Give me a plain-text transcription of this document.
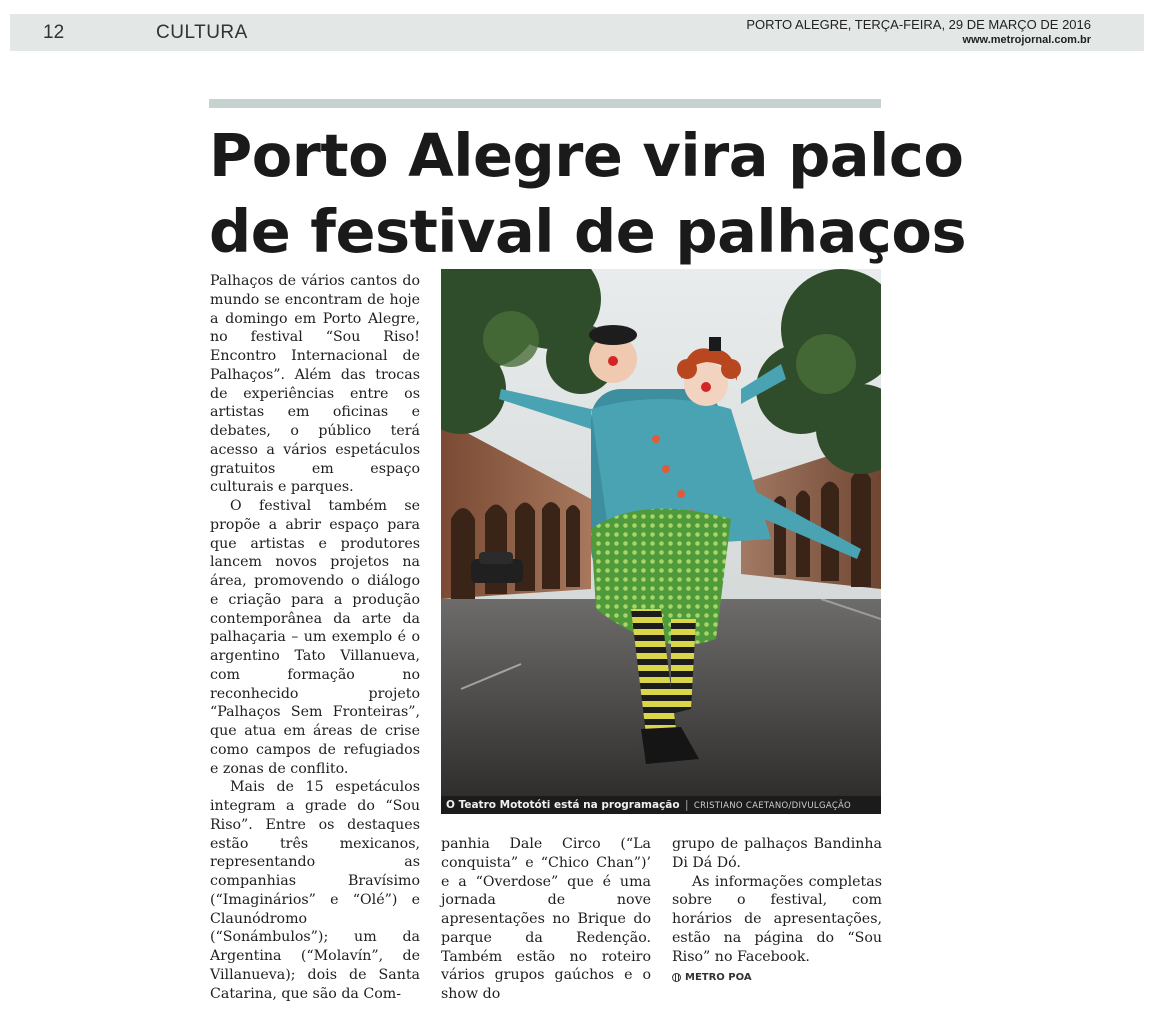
12	CULTURA	PORTO ALEGRE, TERÇA-FEIRA, 29 DE MARÇO DE 2016
www.metrojornal.com.br
Porto Alegre vira palco
de festival de palhaços

Palhaços de vários cantos do mundo se encontram de hoje a domingo em Porto Alegre, no festival “Sou Riso! Encontro Internacional de Palhaços”. Além das trocas de experiências entre os artistas em oficinas e debates, o público terá acesso a vários espetáculos gratuitos em espaço culturais e parques.

O festival também se propõe a abrir espaço para que artistas e produtores lancem novos projetos na área, promovendo o diálogo e criação para a produção contemporânea da arte da palhaçaria – um exemplo é o argentino Tato Villanueva, com formação no reconhecido projeto “Palhaços Sem Fronteiras”, que atua em áreas de crise como campos de refugiados e zonas de conflito.

Mais de 15 espetáculos integram a grade do “Sou Riso”. Entre os destaques estão três mexicanos, representando as companhias Bravísimo (“Imaginários” e “Olé”) e Claunódromo (“Sonámbulos”); um da Argentina (“Molavín”, de Villanueva); dois de Santa Catarina, que são da Com-

O Teatro Mototóti está na programação | CRISTIANO CAETANO/DIVULGAÇÃO

panhia Dale Circo (“La conquista” e “Chico Chan”)’ e a “Overdose” que é uma jornada de nove apresentações no Brique do parque da Redenção. Também estão no roteiro vários grupos gaúchos e o show do

grupo de palhaços Bandinha Di Dá Dó.

As informações completas sobre o festival, com horários de apresentações, estão na página do “Sou Riso” no Facebook.

METRO POA
